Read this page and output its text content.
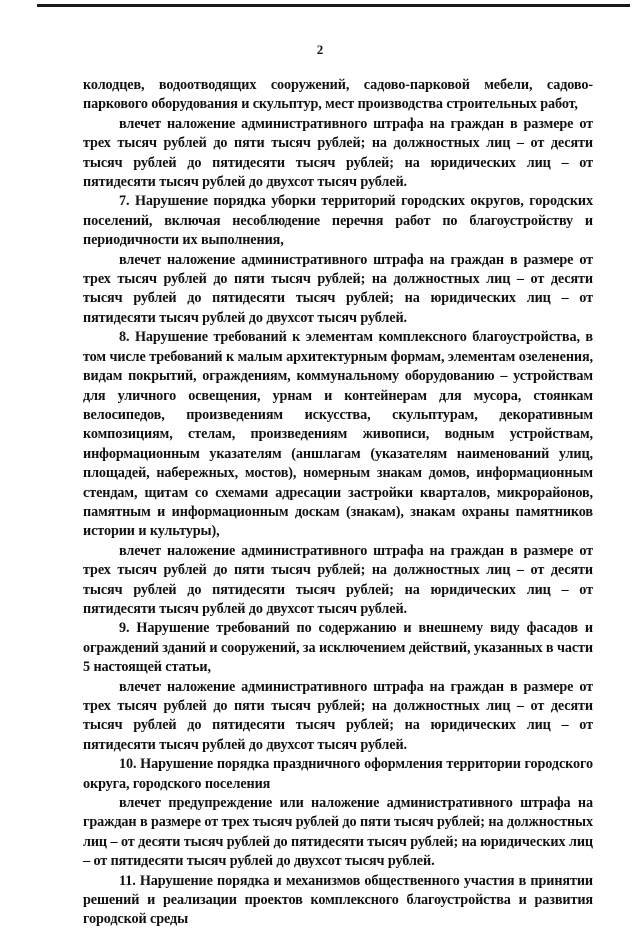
2

колодцев, водоотводящих сооружений, садово-парковой мебели, садово-паркового оборудования и скульптур, мест производства строительных работ,

влечет наложение административного штрафа на граждан в размере от трех тысяч рублей до пяти тысяч рублей; на должностных лиц – от десяти тысяч рублей до пятидесяти тысяч рублей; на юридических лиц – от пятидесяти тысяч рублей до двухсот тысяч рублей.

7. Нарушение порядка уборки территорий городских округов, городских поселений, включая несоблюдение перечня работ по благоустройству и периодичности их выполнения,

влечет наложение административного штрафа на граждан в размере от трех тысяч рублей до пяти тысяч рублей; на должностных лиц – от десяти тысяч рублей до пятидесяти тысяч рублей; на юридических лиц – от пятидесяти тысяч рублей до двухсот тысяч рублей.

8. Нарушение требований к элементам комплексного благоустройства, в том числе требований к малым архитектурным формам, элементам озеленения, видам покрытий, ограждениям, коммунальному оборудованию – устройствам для уличного освещения, урнам и контейнерам для мусора, стоянкам велосипедов, произведениям искусства, скульптурам, декоративным композициям, стелам, произведениям живописи, водным устройствам, информационным указателям (аншлагам (указателям наименований улиц, площадей, набережных, мостов), номерным знакам домов, информационным стендам, щитам со схемами адресации застройки кварталов, микрорайонов, памятным и информационным доскам (знакам), знакам охраны памятников истории и культуры),

влечет наложение административного штрафа на граждан в размере от трех тысяч рублей до пяти тысяч рублей; на должностных лиц – от десяти тысяч рублей до пятидесяти тысяч рублей; на юридических лиц – от пятидесяти тысяч рублей до двухсот тысяч рублей.

9. Нарушение требований по содержанию и внешнему виду фасадов и ограждений зданий и сооружений, за исключением действий, указанных в части 5 настоящей статьи,

влечет наложение административного штрафа на граждан в размере от трех тысяч рублей до пяти тысяч рублей; на должностных лиц – от десяти тысяч рублей до пятидесяти тысяч рублей; на юридических лиц – от пятидесяти тысяч рублей до двухсот тысяч рублей.

10. Нарушение порядка праздничного оформления территории городского округа, городского поселения

влечет предупреждение или наложение административного штрафа на граждан в размере от трех тысяч рублей до пяти тысяч рублей; на должностных лиц – от десяти тысяч рублей до пятидесяти тысяч рублей; на юридических лиц – от пятидесяти тысяч рублей до двухсот тысяч рублей.

11. Нарушение порядка и механизмов общественного участия в принятии решений и реализации проектов комплексного благоустройства и развития городской среды
